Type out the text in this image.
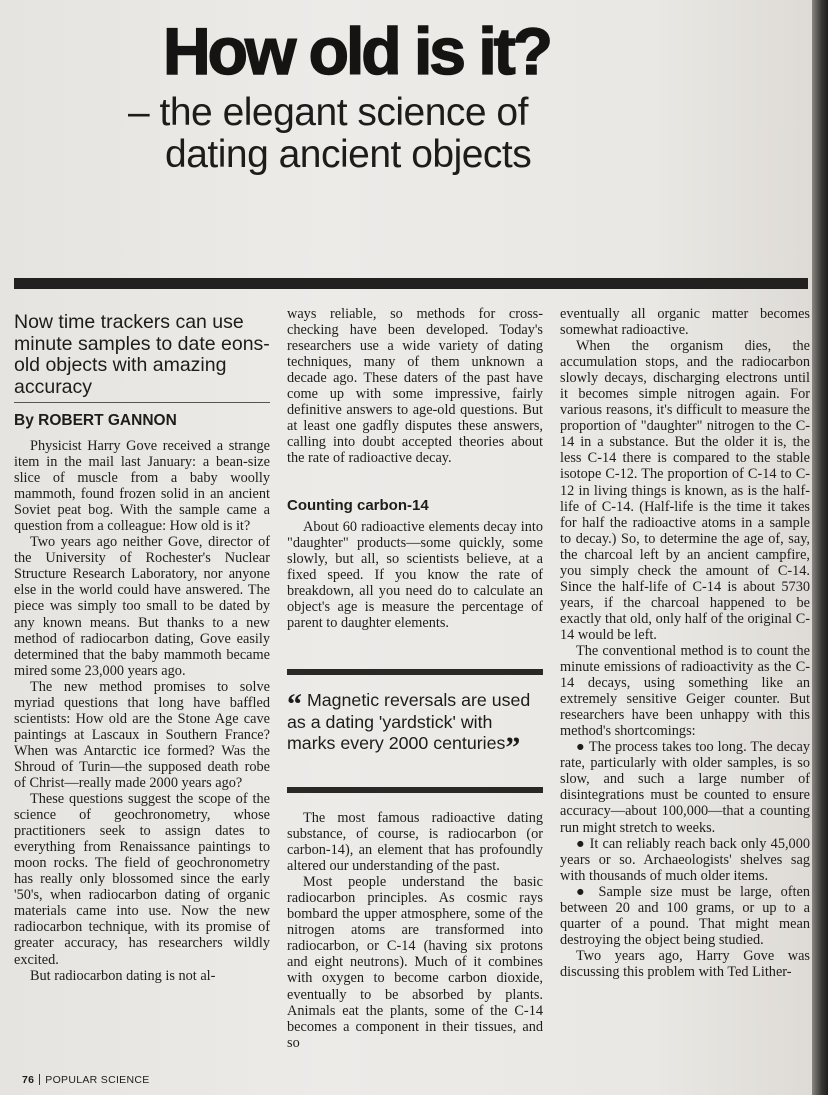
How old is it?
– the elegant science of
dating ancient objects
Now time trackers can use minute samples to date eons-old objects with amazing accuracy
By ROBERT GANNON

Physicist Harry Gove received a strange item in the mail last January: a bean-size slice of muscle from a baby woolly mammoth, found frozen solid in an ancient Soviet peat bog. With the sample came a question from a colleague: How old is it?

Two years ago neither Gove, director of the University of Rochester's Nuclear Structure Research Laboratory, nor anyone else in the world could have answered. The piece was simply too small to be dated by any known means. But thanks to a new method of radiocarbon dating, Gove easily determined that the baby mammoth became mired some 23,000 years ago.

The new method promises to solve myriad questions that long have baffled scientists: How old are the Stone Age cave paintings at Lascaux in Southern France? When was Antarctic ice formed? Was the Shroud of Turin—the supposed death robe of Christ—really made 2000 years ago?

These questions suggest the scope of the science of geochronometry, whose practitioners seek to assign dates to everything from Renaissance paintings to moon rocks. The field of geochronometry has really only blossomed since the early '50's, when radiocarbon dating of organic materials came into use. Now the new radiocarbon technique, with its promise of greater accuracy, has researchers wildly excited.

But radiocarbon dating is not al-

ways reliable, so methods for cross-checking have been developed. Today's researchers use a wide variety of dating techniques, many of them unknown a decade ago. These daters of the past have come up with some impressive, fairly definitive answers to age-old questions. But at least one gadfly disputes these answers, calling into doubt accepted theories about the rate of radioactive decay.

Counting carbon-14

About 60 radioactive elements decay into "daughter" products—some quickly, some slowly, but all, so scientists believe, at a fixed speed. If you know the rate of breakdown, all you need do to calculate an object's age is measure the percentage of parent to daughter elements.

“ Magnetic reversals are used as a dating 'yardstick' with marks every 2000 centuries”

The most famous radioactive dating substance, of course, is radiocarbon (or carbon-14), an element that has profoundly altered our understanding of the past.

Most people understand the basic radiocarbon principles. As cosmic rays bombard the upper atmosphere, some of the nitrogen atoms are transformed into radiocarbon, or C-14 (having six protons and eight neutrons). Much of it combines with oxygen to become carbon dioxide, eventually to be absorbed by plants. Animals eat the plants, some of the C-14 becomes a component in their tissues, and so

eventually all organic matter becomes somewhat radioactive.

When the organism dies, the accumulation stops, and the radiocarbon slowly decays, discharging electrons until it becomes simple nitrogen again. For various reasons, it's difficult to measure the proportion of "daughter" nitrogen to the C-14 in a substance. But the older it is, the less C-14 there is compared to the stable isotope C-12. The proportion of C-14 to C-12 in living things is known, as is the half-life of C-14. (Half-life is the time it takes for half the radioactive atoms in a sample to decay.) So, to determine the age of, say, the charcoal left by an ancient campfire, you simply check the amount of C-14. Since the half-life of C-14 is about 5730 years, if the charcoal happened to be exactly that old, only half of the original C-14 would be left.

The conventional method is to count the minute emissions of radioactivity as the C-14 decays, using something like an extremely sensitive Geiger counter. But researchers have been unhappy with this method's shortcomings:

● The process takes too long. The decay rate, particularly with older samples, is so slow, and such a large number of disintegrations must be counted to ensure accuracy—about 100,000—that a counting run might stretch to weeks.

● It can reliably reach back only 45,000 years or so. Archaeologists' shelves sag with thousands of much older items.

● Sample size must be large, often between 20 and 100 grams, or up to a quarter of a pound. That might mean destroying the object being studied.

Two years ago, Harry Gove was discussing this problem with Ted Lither-

76 POPULAR SCIENCE
